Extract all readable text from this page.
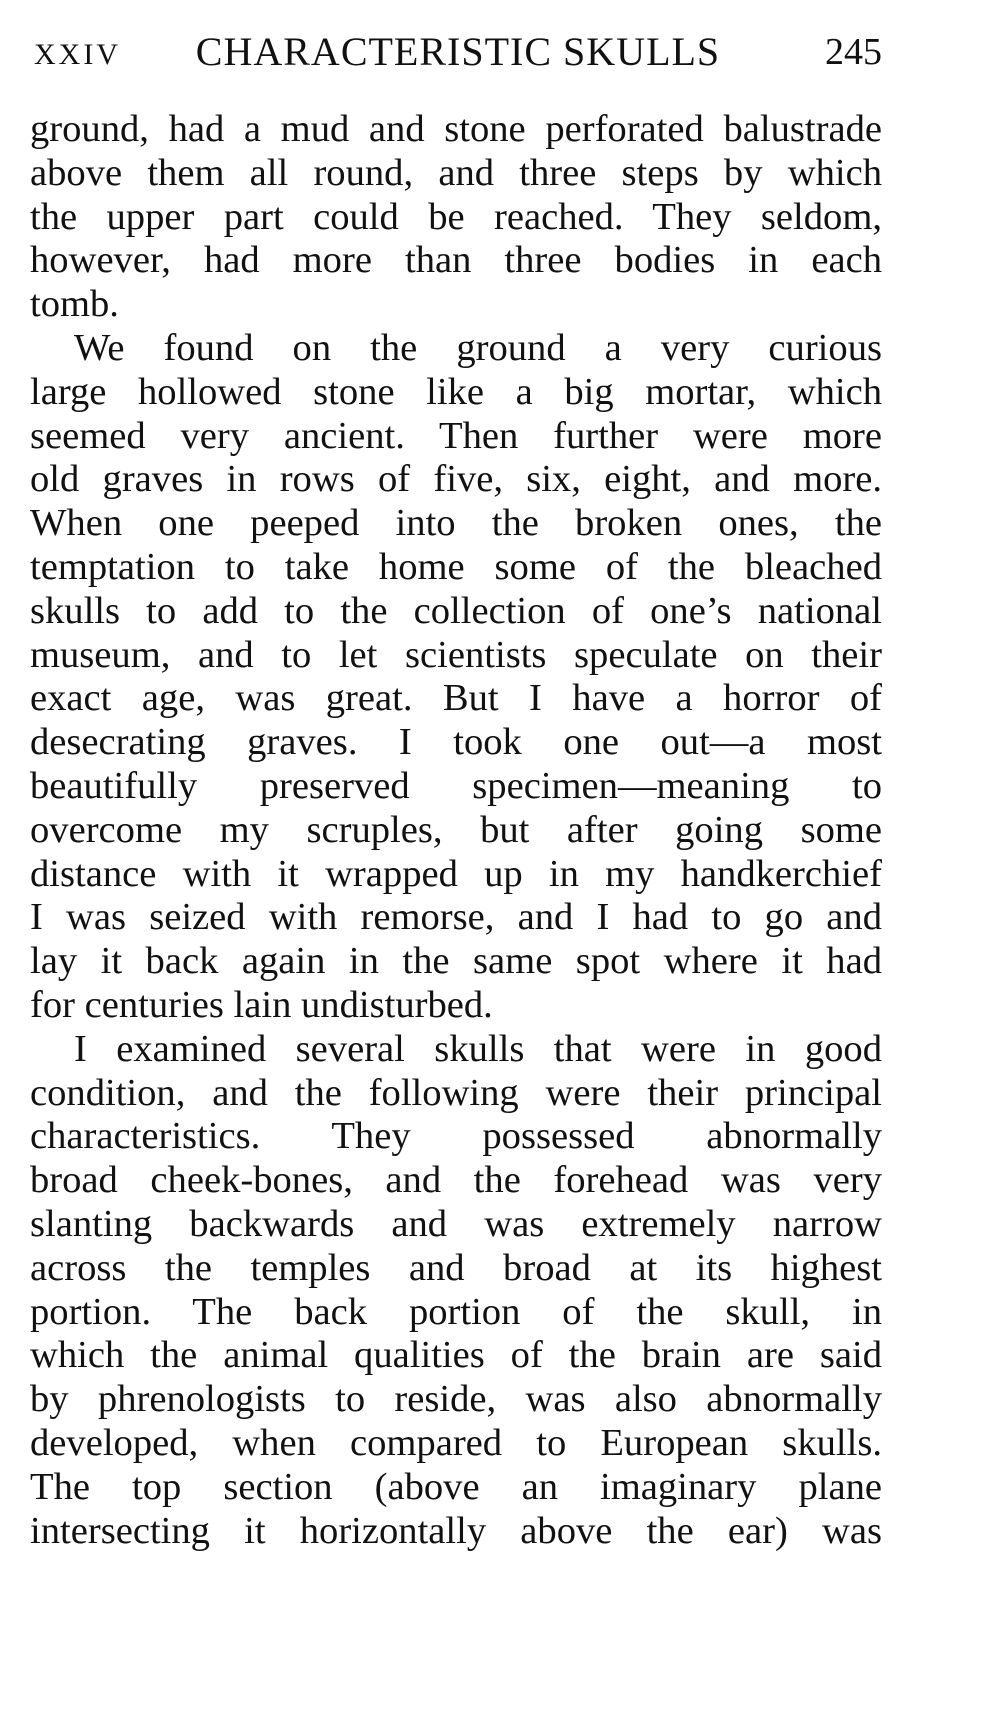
XXIV	CHARACTERISTIC SKULLS	245

ground, had a mud and stone perforated balustrade
above them all round, and three steps by which
the upper part could be reached. They seldom,
however, had more than three bodies in each
tomb.

We found on the ground a very curious
large hollowed stone like a big mortar, which
seemed very ancient. Then further were more
old graves in rows of five, six, eight, and more.
When one peeped into the broken ones, the
temptation to take home some of the bleached
skulls to add to the collection of one’s national
museum, and to let scientists speculate on their
exact age, was great. But I have a horror of
desecrating graves. I took one out—a most
beautifully preserved specimen—meaning to
overcome my scruples, but after going some
distance with it wrapped up in my handkerchief
I was seized with remorse, and I had to go and
lay it back again in the same spot where it had
for centuries lain undisturbed.

I examined several skulls that were in good
condition, and the following were their principal
characteristics. They possessed abnormally
broad cheek-bones, and the forehead was very
slanting backwards and was extremely narrow
across the temples and broad at its highest
portion. The back portion of the skull, in
which the animal qualities of the brain are said
by phrenologists to reside, was also abnormally
developed, when compared to European skulls.
The top section (above an imaginary plane
intersecting it horizontally above the ear) was
